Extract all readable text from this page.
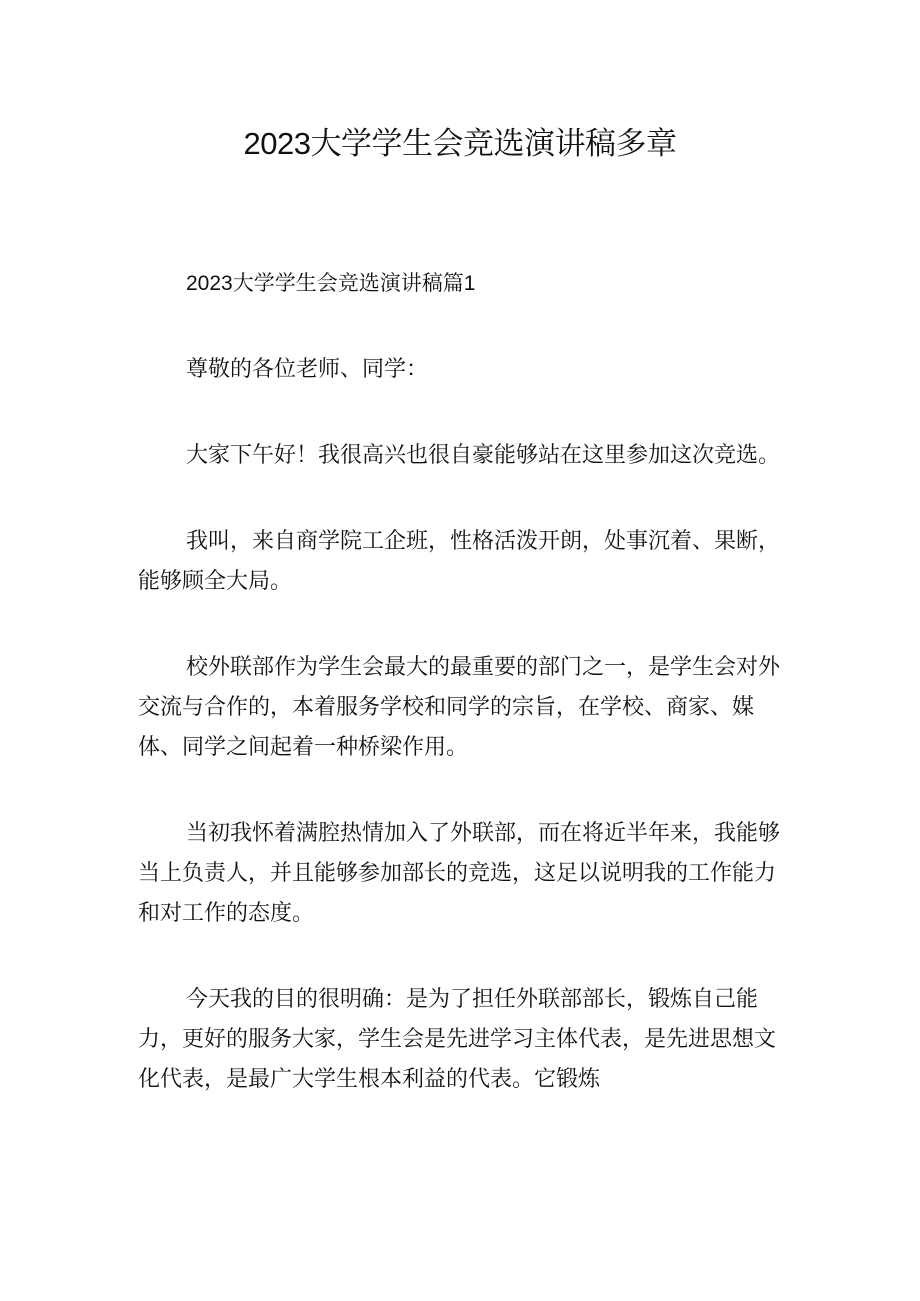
2023大学学生会竞选演讲稿多章

2023大学学生会竞选演讲稿篇1

尊敬的各位老师、同学：

大家下午好！我很高兴也很自豪能够站在这里参加这次竞选。

我叫，来自商学院工企班，性格活泼开朗，处事沉着、果断，能够顾全大局。

校外联部作为学生会最大的最重要的部门之一，是学生会对外交流与合作的，本着服务学校和同学的宗旨，在学校、商家、媒体、同学之间起着一种桥梁作用。

当初我怀着满腔热情加入了外联部，而在将近半年来，我能够当上负责人，并且能够参加部长的竞选，这足以说明我的工作能力和对工作的态度。

今天我的目的很明确：是为了担任外联部部长，锻炼自己能力，更好的服务大家，学生会是先进学习主体代表，是先进思想文化代表，是最广大学生根本利益的代表。它锻炼
